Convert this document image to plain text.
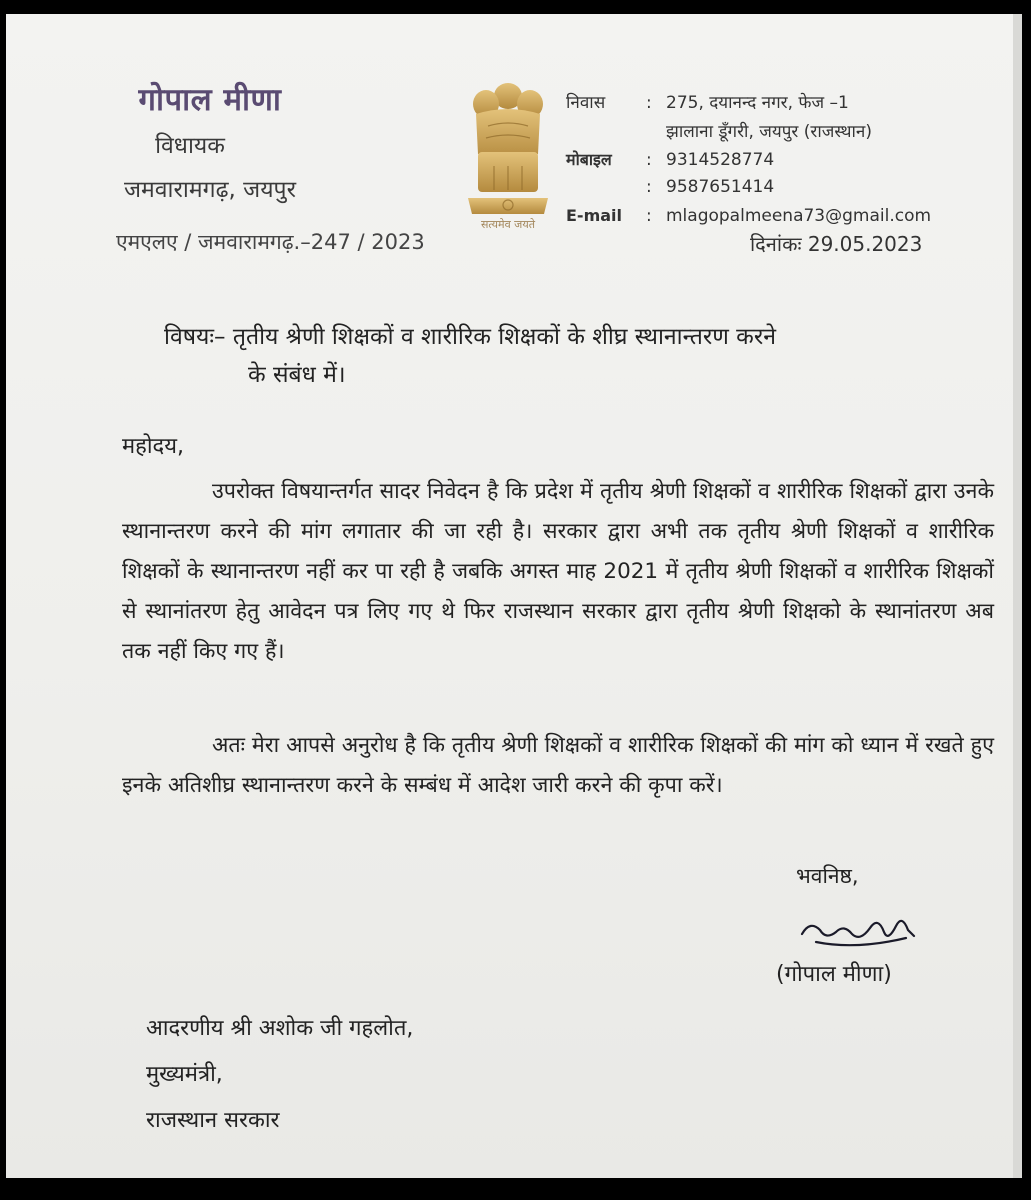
गोपाल मीणा
विधायक
जमवारामगढ़, जयपुर
एमएलए / जमवारामगढ़.–247 / 2023
सत्यमेव जयते
निवास : 275, दयानन्द नगर, फेज –1
झालाना डूँगरी, जयपुर (राजस्थान)
मोबाइल : 9314528774
: 9587651414
E-mail : mlagopalmeena73@gmail.com
दिनांकः 29.05.2023
विषयः– तृतीय श्रेणी शिक्षकों व शारीरिक शिक्षकों के शीघ्र स्थानान्तरण करने
के संबंध में।
महोदय,
उपरोक्त विषयान्तर्गत सादर निवेदन है कि प्रदेश में तृतीय श्रेणी शिक्षकों व शारीरिक शिक्षकों द्वारा उनके स्थानान्तरण करने की मांग लगातार की जा रही है। सरकार द्वारा अभी तक तृतीय श्रेणी शिक्षकों व शारीरिक शिक्षकों के स्थानान्तरण नहीं कर पा रही है जबकि अगस्त माह 2021 में तृतीय श्रेणी शिक्षकों व शारीरिक शिक्षकों से स्थानांतरण हेतु आवेदन पत्र लिए गए थे फिर राजस्थान सरकार द्वारा तृतीय श्रेणी शिक्षको के स्थानांतरण अब तक नहीं किए गए हैं।
अतः मेरा आपसे अनुरोध है कि तृतीय श्रेणी शिक्षकों व शारीरिक शिक्षकों की मांग को ध्यान में रखते हुए इनके अतिशीघ्र स्थानान्तरण करने के सम्बंध में आदेश जारी करने की कृपा करें।
भवनिष्ठ,
(गोपाल मीणा)
आदरणीय श्री अशोक जी गहलोत,
मुख्यमंत्री,
राजस्थान सरकार
